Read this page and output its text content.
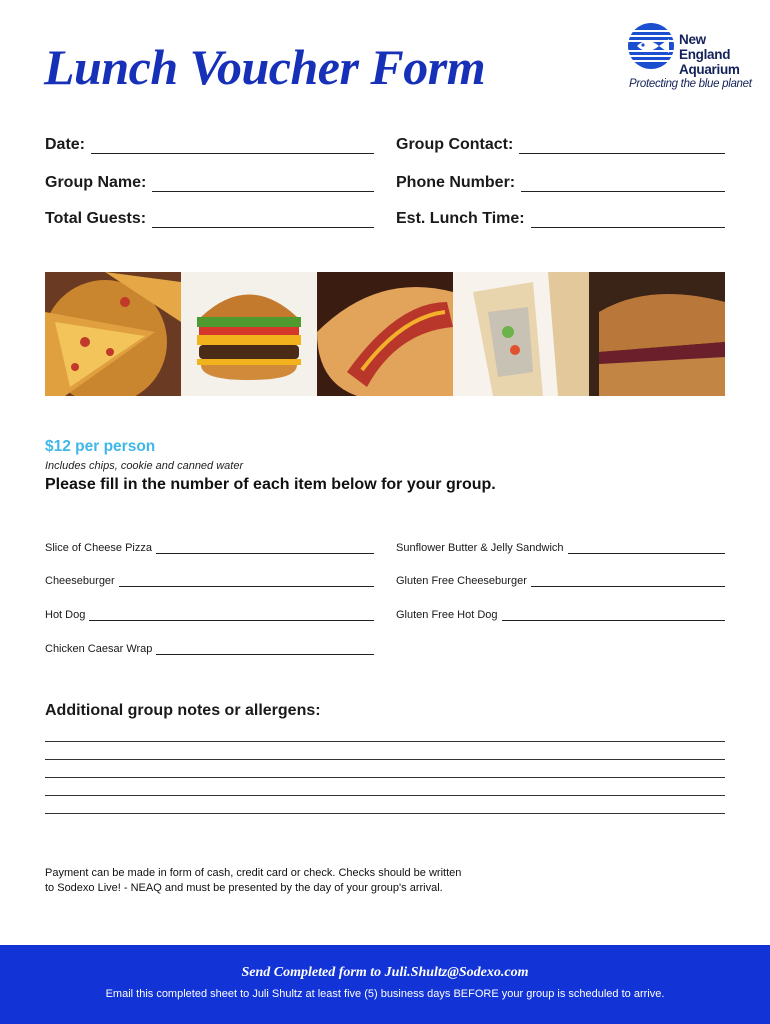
Lunch Voucher Form	New England Aquarium
Protecting the blue planet
Date:	Group Contact:
Group Name:	Phone Number:
Total Guests:	Est. Lunch Time:
$12 per person
Includes chips, cookie and canned water
Please fill in the number of each item below for your group.
Slice of Cheese Pizza	Sunflower Butter & Jelly Sandwich
Cheeseburger	Gluten Free Cheeseburger
Hot Dog	Gluten Free Hot Dog
Chicken Caesar Wrap
Additional group notes or allergens:
Payment can be made in form of cash, credit card or check. Checks should be written
to Sodexo Live! - NEAQ and must be presented by the day of your group's arrival.
Send Completed form to Juli.Shultz@Sodexo.com
Email this completed sheet to Juli Shultz at least five (5) business days BEFORE your group is scheduled to arrive.
